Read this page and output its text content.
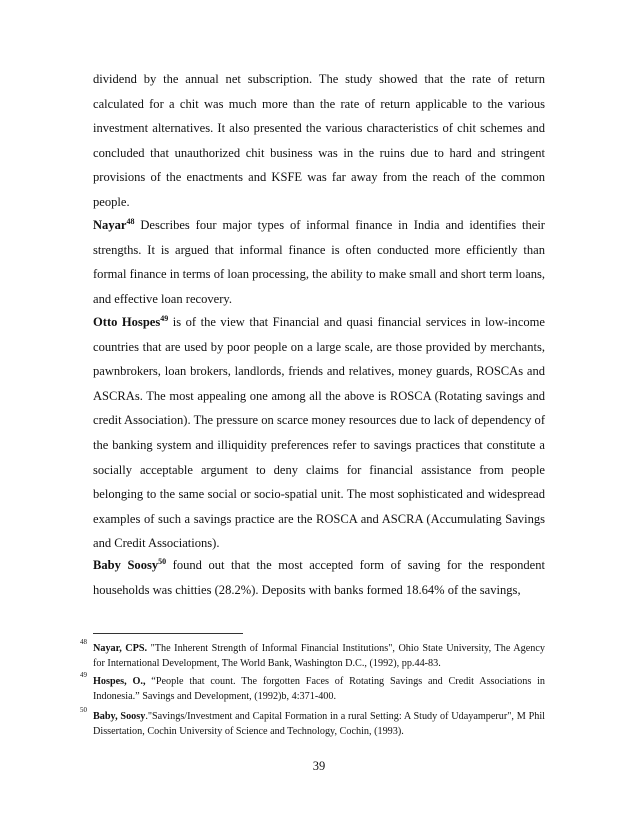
dividend by the annual net subscription. The study showed that the rate of return calculated for a chit was much more than the rate of return applicable to the various investment alternatives. It also presented the various characteristics of chit schemes and concluded that unauthorized chit business was in the ruins due to hard and stringent provisions of the enactments and KSFE was far away from the reach of the common people.

Nayar$^{48}$ Describes four major types of informal finance in India and identifies their strengths. It is argued that informal finance is often conducted more efficiently than formal finance in terms of loan processing, the ability to make small and short term loans, and effective loan recovery.

Otto Hospes$^{49}$ is of the view that Financial and quasi financial services in low-income countries that are used by poor people on a large scale, are those provided by merchants, pawnbrokers, loan brokers, landlords, friends and relatives, money guards, ROSCAs and ASCRAs. The most appealing one among all the above is ROSCA (Rotating savings and credit Association). The pressure on scarce money resources due to lack of dependency of the banking system and illiquidity preferences refer to savings practices that constitute a socially acceptable argument to deny claims for financial assistance from people belonging to the same social or socio-spatial unit. The most sophisticated and widespread examples of such a savings practice are the ROSCA and ASCRA (Accumulating Savings and Credit Associations).

Baby Soosy$^{50}$ found out that the most accepted form of saving for the respondent households was chitties (28.2%). Deposits with banks formed 18.64% of the savings,

48
Nayar, CPS. "The Inherent Strength of Informal Financial Institutions", Ohio State University, The Agency for International Development, The World Bank, Washington D.C., (1992), pp.44-83.
49
Hospes, O., “People that count. The forgotten Faces of Rotating Savings and Credit Associations in Indonesia.” Savings and Development, (1992)b, 4:371-400.
50
Baby, Soosy."Savings/Investment and Capital Formation in a rural Setting: A Study of Udayamperur", M Phil Dissertation, Cochin University of Science and Technology, Cochin, (1993).
39
